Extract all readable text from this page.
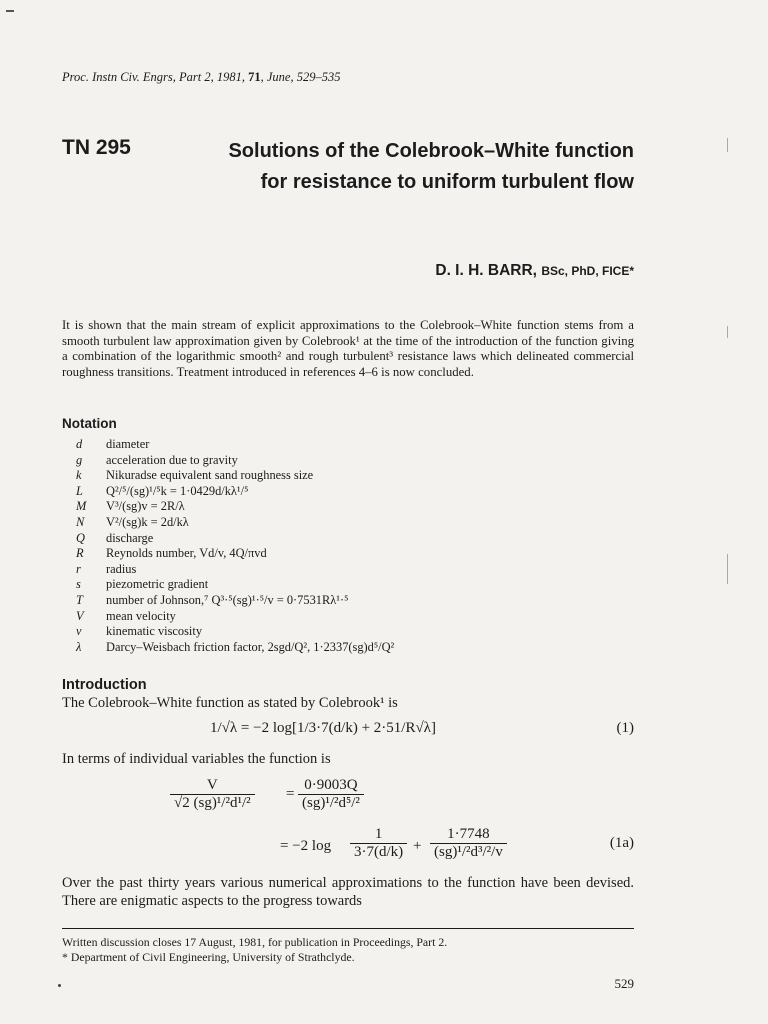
Proc. Instn Civ. Engrs, Part 2, 1981, 71, June, 529–535
TN 295	Solutions of the Colebrook–White function for resistance to uniform turbulent flow
D. I. H. BARR, BSc, PhD, FICE*
It is shown that the main stream of explicit approximations to the Colebrook–White function stems from a smooth turbulent law approximation given by Colebrook¹ at the time of the introduction of the function giving a combination of the logarithmic smooth² and rough turbulent³ resistance laws which delineated commercial roughness transitions. Treatment introduced in references 4–6 is now concluded.
Notation
d	diameter
g	acceleration due to gravity
k	Nikuradse equivalent sand roughness size
L	Q²/⁵/(sg)¹/⁵k = 1·0429d/kλ¹/⁵
M	V³/(sg)v = 2R/λ
N	V²/(sg)k = 2d/kλ
Q	discharge
R	Reynolds number, Vd/v, 4Q/πvd
r	radius
s	piezometric gradient
T	number of Johnson,⁷ Q³·⁵(sg)¹·⁵/v = 0·7531Rλ¹·⁵
V	mean velocity
v	kinematic viscosity
λ	Darcy–Weisbach friction factor, 2sgd/Q², 1·2337(sg)d⁵/Q²
Introduction
The Colebrook–White function as stated by Colebrook¹ is
1/√λ = −2 log[1/3·7(d/k) + 2·51/R√λ]	(1)
In terms of individual variables the function is
$\frac{V}{\text{√2 (sg)¹/²d¹/²}} = \frac{0\cdot 9003Q}{\text{(sg)¹/²d⁵/²}}$
= −2 $\log \frac{1}{3\cdot 7(d/k)} + \frac{1\cdot 7748}{\text{(sg)¹/²d³/²/v}}$	(1a)
Over the past thirty years various numerical approximations to the function have been devised. There are enigmatic aspects to the progress towards
Written discussion closes 17 August, 1981, for publication in Proceedings, Part 2.
* Department of Civil Engineering, University of Strathclyde.
529
